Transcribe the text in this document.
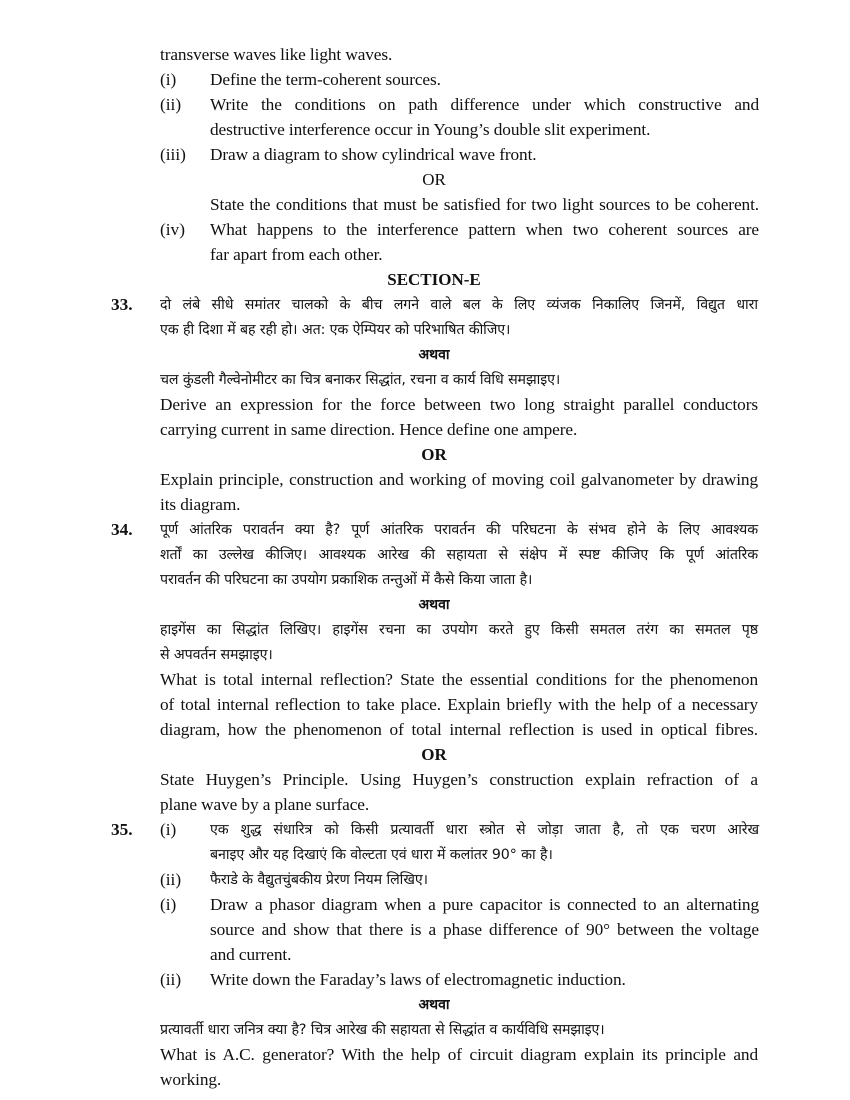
transverse waves like light waves.
(i) Define the term-coherent sources.
(ii) Write the conditions on path difference under which constructive and
destructive interference occur in Young’s double slit experiment.
(iii) Draw a diagram to show cylindrical wave front.
OR
State the conditions that must be satisfied for two light sources to be coherent.
(iv) What happens to the interference pattern when two coherent sources are
far apart from each other.
SECTION-E
33. दो लंबे सीधे समांतर चालको के बीच लगने वाले बल के लिए व्यंजक निकालिए जिनमें, विद्युत धारा
एक ही दिशा में बह रही हो। अत: एक ऐम्पियर को परिभाषित कीजिए।
अथवा
चल कुंडली गैल्वेनोमीटर का चित्र बनाकर सिद्धांत, रचना व कार्य विधि समझाइए।
Derive an expression for the force between two long straight parallel conductors
carrying current in same direction. Hence define one ampere.
OR
Explain principle, construction and working of moving coil galvanometer by drawing
its diagram.
34. पूर्ण आंतरिक परावर्तन क्या है? पूर्ण आंतरिक परावर्तन की परिघटना के संभव होने के लिए आवश्यक
शर्तों का उल्लेख कीजिए। आवश्यक आरेख की सहायता से संक्षेप में स्पष्ट कीजिए कि पूर्ण आंतरिक
परावर्तन की परिघटना का उपयोग प्रकाशिक तन्तुओं में कैसे किया जाता है।
अथवा
हाइगेंस का सिद्धांत लिखिए। हाइगेंस रचना का उपयोग करते हुए किसी समतल तरंग का समतल पृष्ठ
से अपवर्तन समझाइए।
What is total internal reflection? State the essential conditions for the phenomenon
of total internal reflection to take place. Explain briefly with the help of a necessary
diagram, how the phenomenon of total internal reflection is used in optical fibres.
OR
State Huygen’s Principle. Using Huygen’s construction explain refraction of a
plane wave by a plane surface.
35. (i) एक शुद्ध संधारित्र को किसी प्रत्यावर्ती धारा स्त्रोत से जोड़ा जाता है, तो एक चरण आरेख
बनाइए और यह दिखाएं कि वोल्टता एवं धारा में कलांतर 90° का है।
(ii) फैराडे के वैद्युतचुंबकीय प्रेरण नियम लिखिए।
(i) Draw a phasor diagram when a pure capacitor is connected to an alternating
source and show that there is a phase difference of 90° between the voltage
and current.
(ii) Write down the Faraday’s laws of electromagnetic induction.
अथवा
प्रत्यावर्ती धारा जनित्र क्या है? चित्र आरेख की सहायता से सिद्धांत व कार्यविधि समझाइए।
What is A.C. generator? With the help of circuit diagram explain its principle and
working.
